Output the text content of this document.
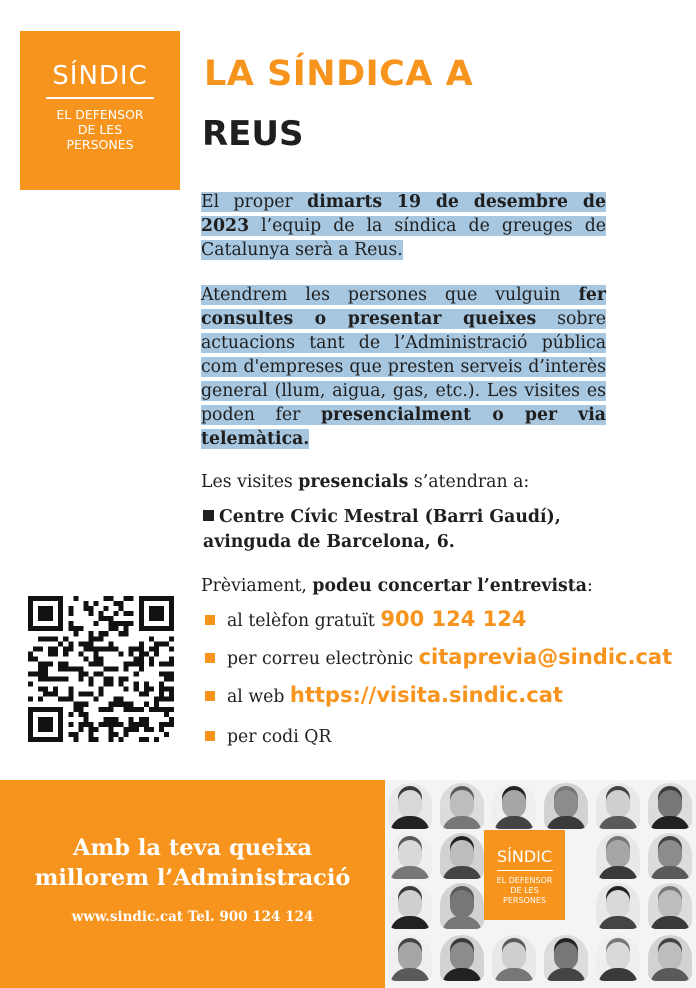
SÍNDIC
EL DEFENSOR
DE LES
PERSONES
LA SÍNDICA A
REUS
El proper dimarts 19 de desembre de 2023 l’equip de la síndica de greuges de Catalunya serà a Reus.
Atendrem les persones que vulguin fer consultes o presentar queixes sobre actuacions tant de l’Administració pública com d'empreses que presten serveis d’interès general (llum, aigua, gas, etc.). Les visites es poden fer presencialment o per via telemàtica.
Les visites presencials s’atendran a:
Centre Cívic Mestral (Barri Gaudí),
avinguda de Barcelona, 6.
Prèviament, podeu concertar l’entrevista:
al telèfon gratuït 900 124 124
per correu electrònic citaprevia@sindic.cat
al web https://visita.sindic.cat
per codi QR
Amb la teva queixa
millorem l’Administració
www.sindic.cat Tel. 900 124 124
SÍNDIC
EL DEFENSOR
DE LES
PERSONES
